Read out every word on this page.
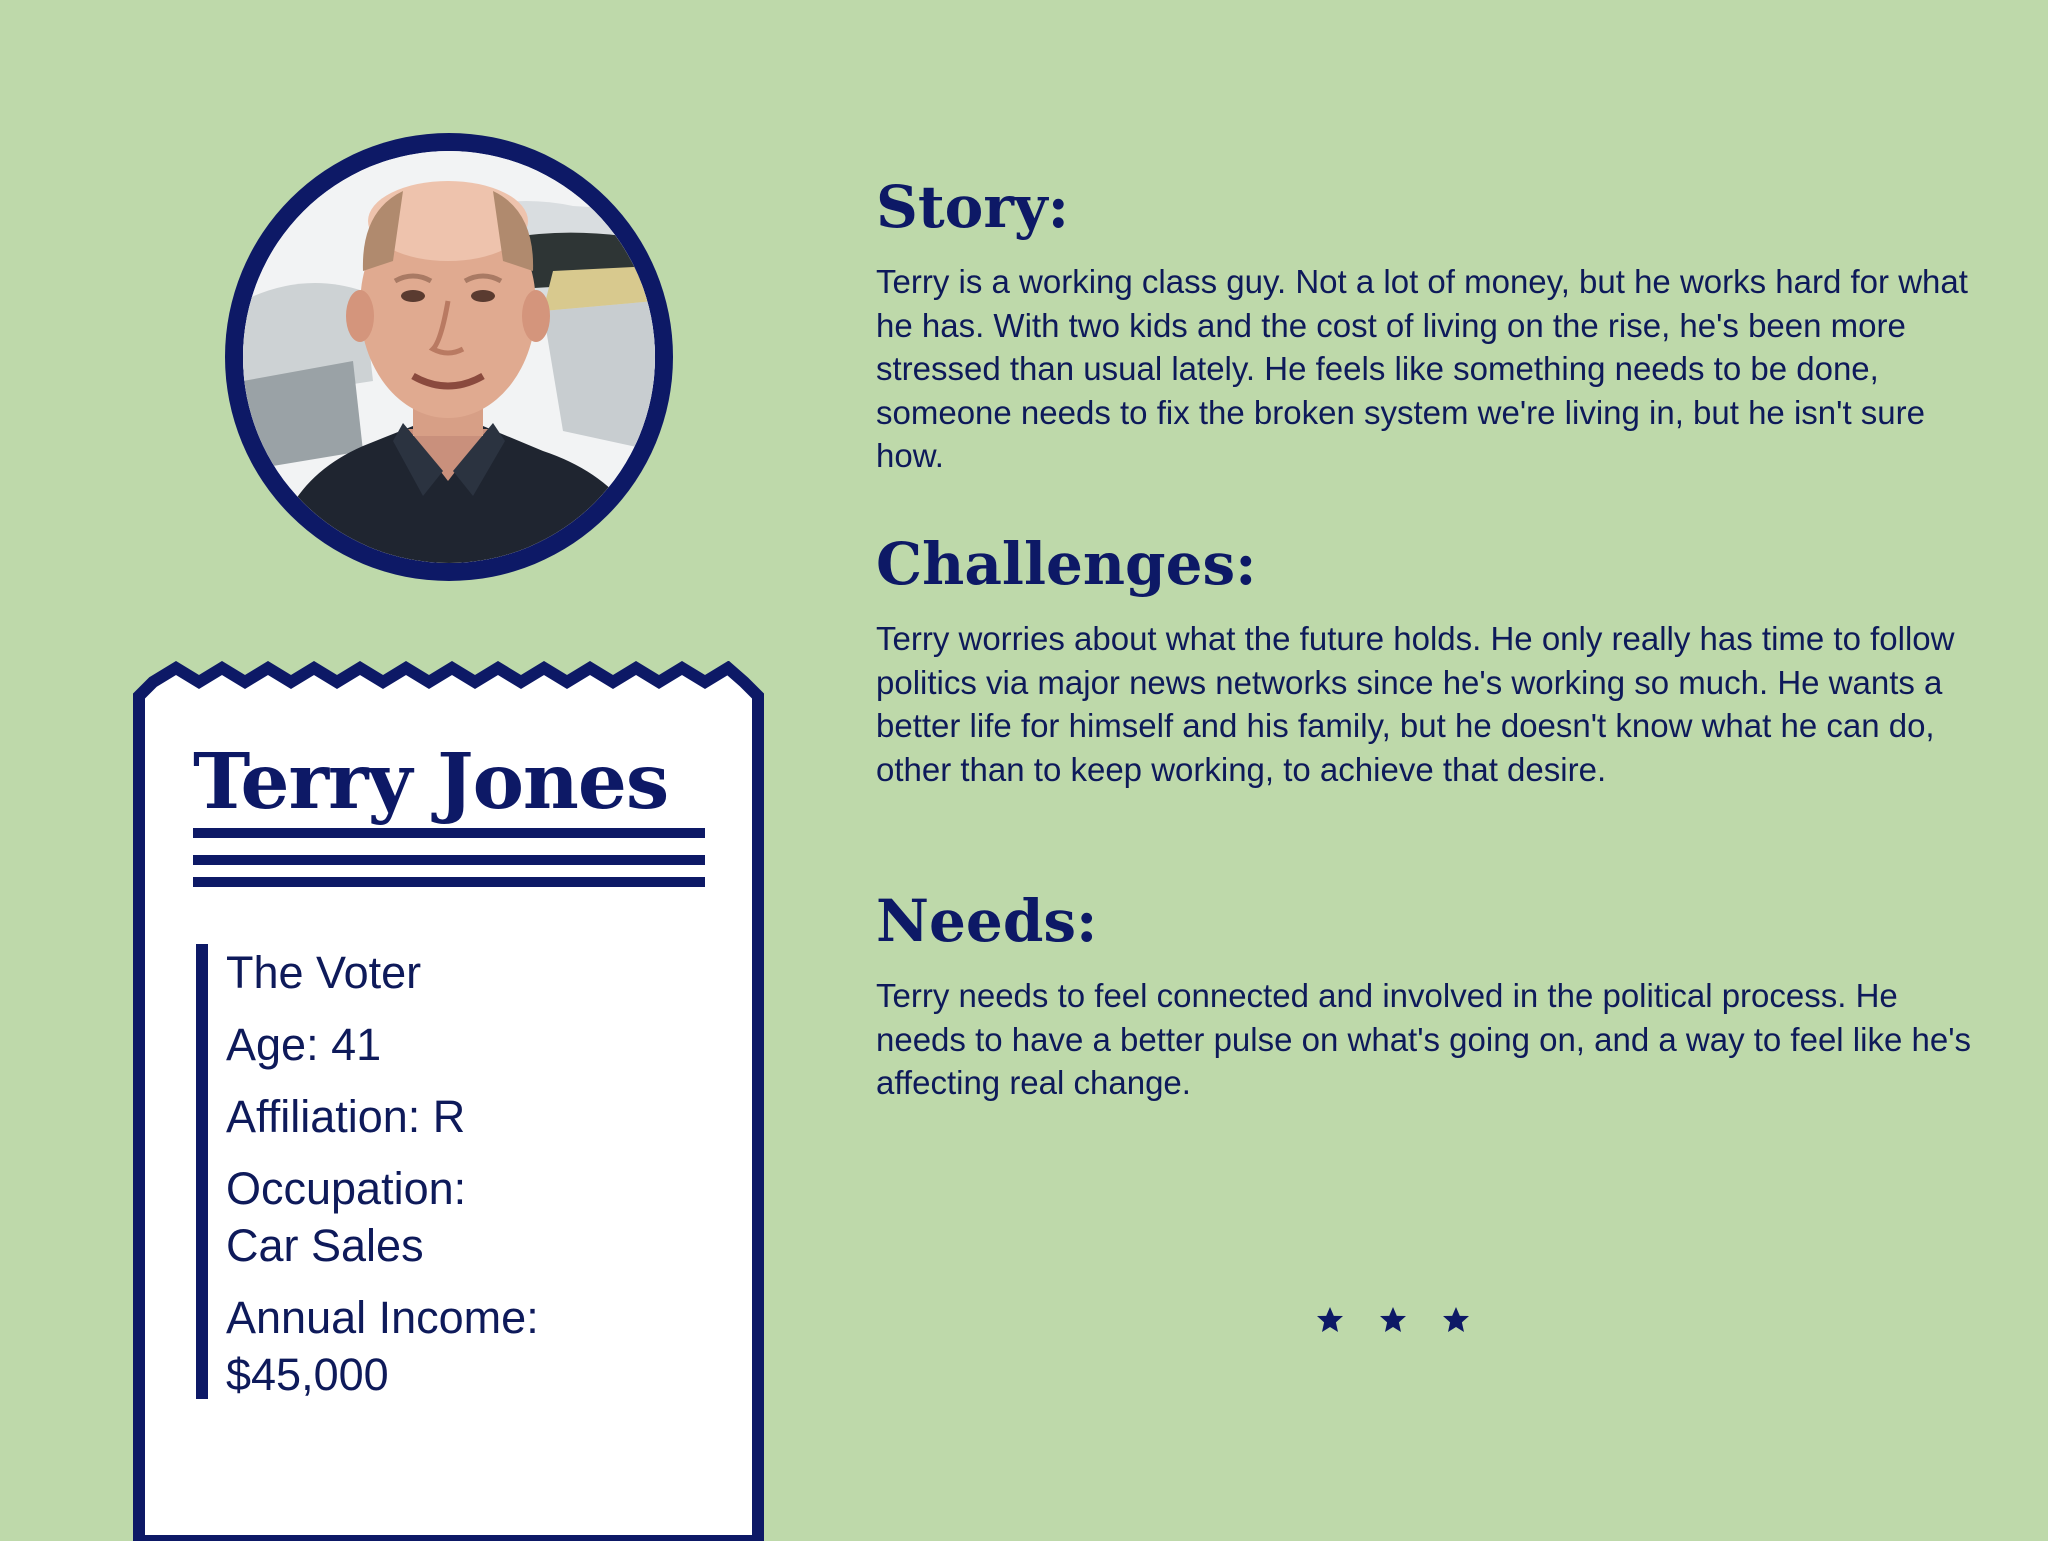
Terry Jones
The Voter
Age: 41
Affiliation: R
Occupation:
Car Sales
Annual Income:
$45,000
Story:
Terry is a working class guy. Not a lot of money, but he works hard for what he has. With two kids and the cost of living on the rise, he's been more stressed than usual lately. He feels like something needs to be done, someone needs to fix the broken system we're living in, but he isn't sure how.
Challenges:
Terry worries about what the future holds. He only really has time to follow politics via major news networks since he's working so much. He wants a better life for himself and his family, but he doesn't know what he can do, other than to keep working, to achieve that desire.
Needs:
Terry needs to feel connected and involved in the political process. He needs to have a better pulse on what's going on, and a way to feel like he's affecting real change.
